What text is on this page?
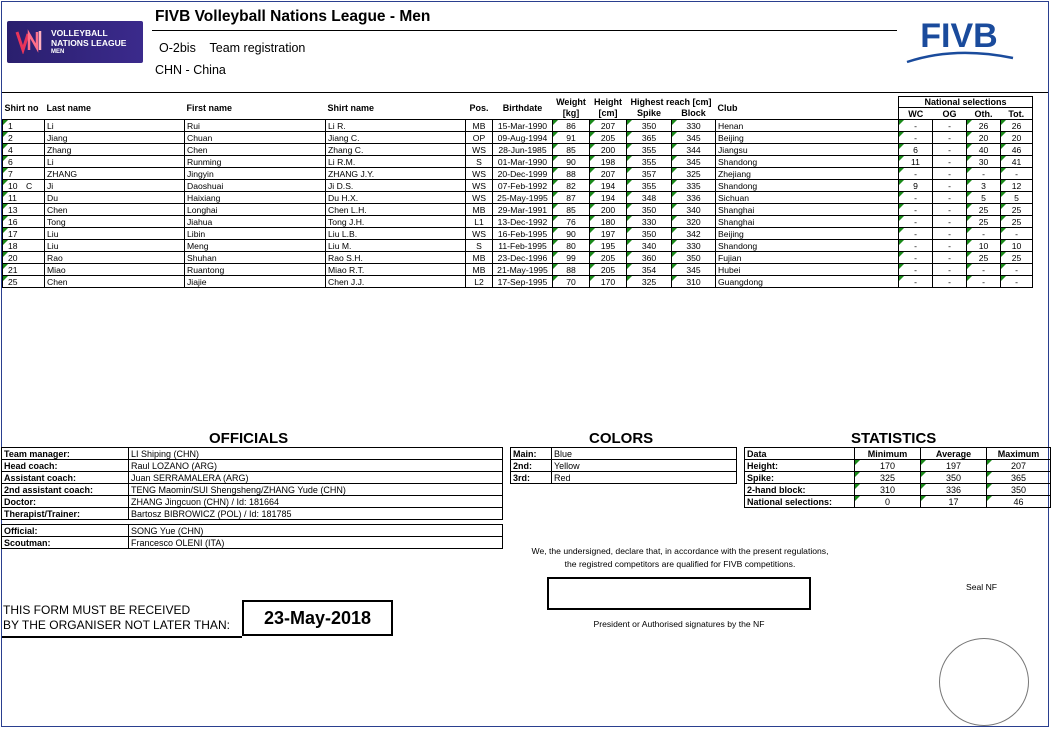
VOLLEYBALL
NATIONS LEAGUE
MEN
FIVB Volleyball Nations League - Men
O-2bis Team registration
CHN - China
FIVB
Shirt no	Last name	First name	Shirt name	Pos.	Birthdate	Weight	Height	Highest reach [cm]		Club	National selections			
						[kg]	[cm]	Spike	Block		WC	OG	Oth.	Tot.
1	Li	Rui	Li R.	MB	15-Mar-1990	86	207	350	330	Henan	-	-	26	26
2	Jiang	Chuan	Jiang C.	OP	09-Aug-1994	91	205	365	345	Beijing	-	-	20	20
4	Zhang	Chen	Zhang C.	WS	28-Jun-1985	85	200	355	344	Jiangsu	6	-	40	46
6	Li	Runming	Li R.M.	S	01-Mar-1990	90	198	355	345	Shandong	11	-	30	41
7	ZHANG	Jingyin	ZHANG J.Y.	WS	20-Dec-1999	88	207	357	325	Zhejiang	-	-	-	-
10 C	Ji	Daoshuai	Ji D.S.	WS	07-Feb-1992	82	194	355	335	Shandong	9	-	3	12
11	Du	Haixiang	Du H.X.	WS	25-May-1995	87	194	348	336	Sichuan	-	-	5	5
13	Chen	Longhai	Chen L.H.	MB	29-Mar-1991	85	200	350	340	Shanghai	-	-	25	25
16	Tong	Jiahua	Tong J.H.	L1	13-Dec-1992	76	180	330	320	Shanghai	-	-	25	25
17	Liu	Libin	Liu L.B.	WS	16-Feb-1995	90	197	350	342	Beijing	-	-	-	-
18	Liu	Meng	Liu M.	S	11-Feb-1995	80	195	340	330	Shandong	-	-	10	10
20	Rao	Shuhan	Rao S.H.	MB	23-Dec-1996	99	205	360	350	Fujian	-	-	25	25
21	Miao	Ruantong	Miao R.T.	MB	21-May-1995	88	205	354	345	Hubei	-	-	-	-
25	Chen	Jiajie	Chen J.J.	L2	17-Sep-1995	70	170	325	310	Guangdong	-	-	-	-
OFFICIALS
Team manager:	LI Shiping (CHN)
Head coach:	Raul LOZANO (ARG)
Assistant coach:	Juan SERRAMALERA (ARG)
2nd assistant coach:	TENG Maomin/SUI Shengsheng/ZHANG Yude (CHN)
Doctor:	ZHANG Jingcuon (CHN) / Id: 181664
Therapist/Trainer:	Bartosz BIBROWICZ (POL) / Id: 181785
Official:	SONG Yue (CHN)
Scoutman:	Francesco OLENI (ITA)
COLORS
Main:	Blue
2nd:	Yellow
3rd:	Red
STATISTICS
Data	Minimum	Average	Maximum
Height:	170	197	207
Spike:	325	350	365
2-hand block:	310	336	350
National selections:	0	17	46
We, the undersigned, declare that, in accordance with the present regulations,
the registred competitors are qualified for FIVB competitions.
President or Authorised signatures by the NF
Seal NF
THIS FORM MUST BE RECEIVED
BY THE ORGANISER NOT LATER THAN:	23-May-2018
